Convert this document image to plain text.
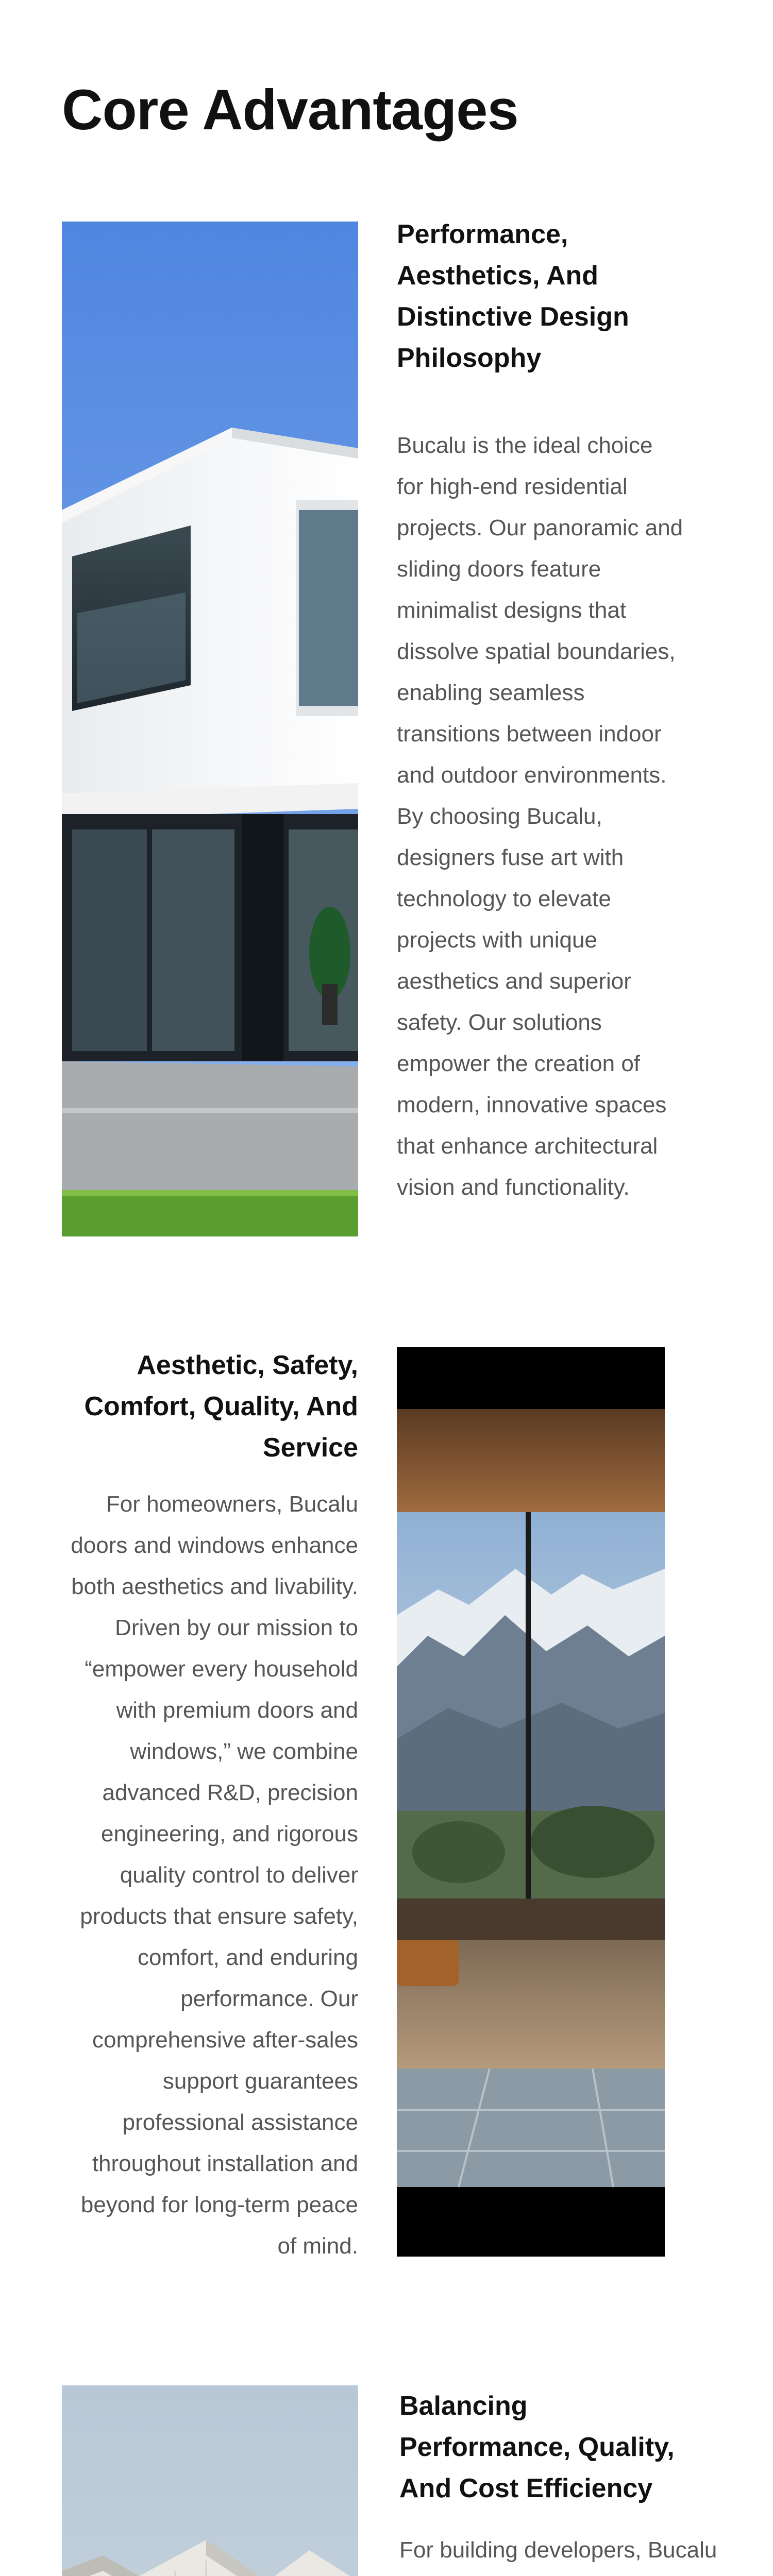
Core Advantages
Performance, Aesthetics, And Distinctive Design Philosophy

Bucalu is the ideal choice for high-end residential projects. Our panoramic and sliding doors feature minimalist designs that dissolve spatial boundaries, enabling seamless transitions between indoor and outdoor environments. By choosing Bucalu, designers fuse art with technology to elevate projects with unique aesthetics and superior safety. Our solutions empower the creation of modern, innovative spaces that enhance architectural vision and functionality.

Aesthetic, Safety, Comfort, Quality, And Service

For homeowners, Bucalu doors and windows enhance both aesthetics and livability. Driven by our mission to “empower every household with premium doors and windows,” we combine advanced R&D, precision engineering, and rigorous quality control to deliver products that ensure safety, comfort, and enduring performance. Our comprehensive after-sales support guarantees professional assistance throughout installation and beyond for long-term peace of mind.

Balancing Performance, Quality, And Cost Efficiency

For building developers, Bucalu
